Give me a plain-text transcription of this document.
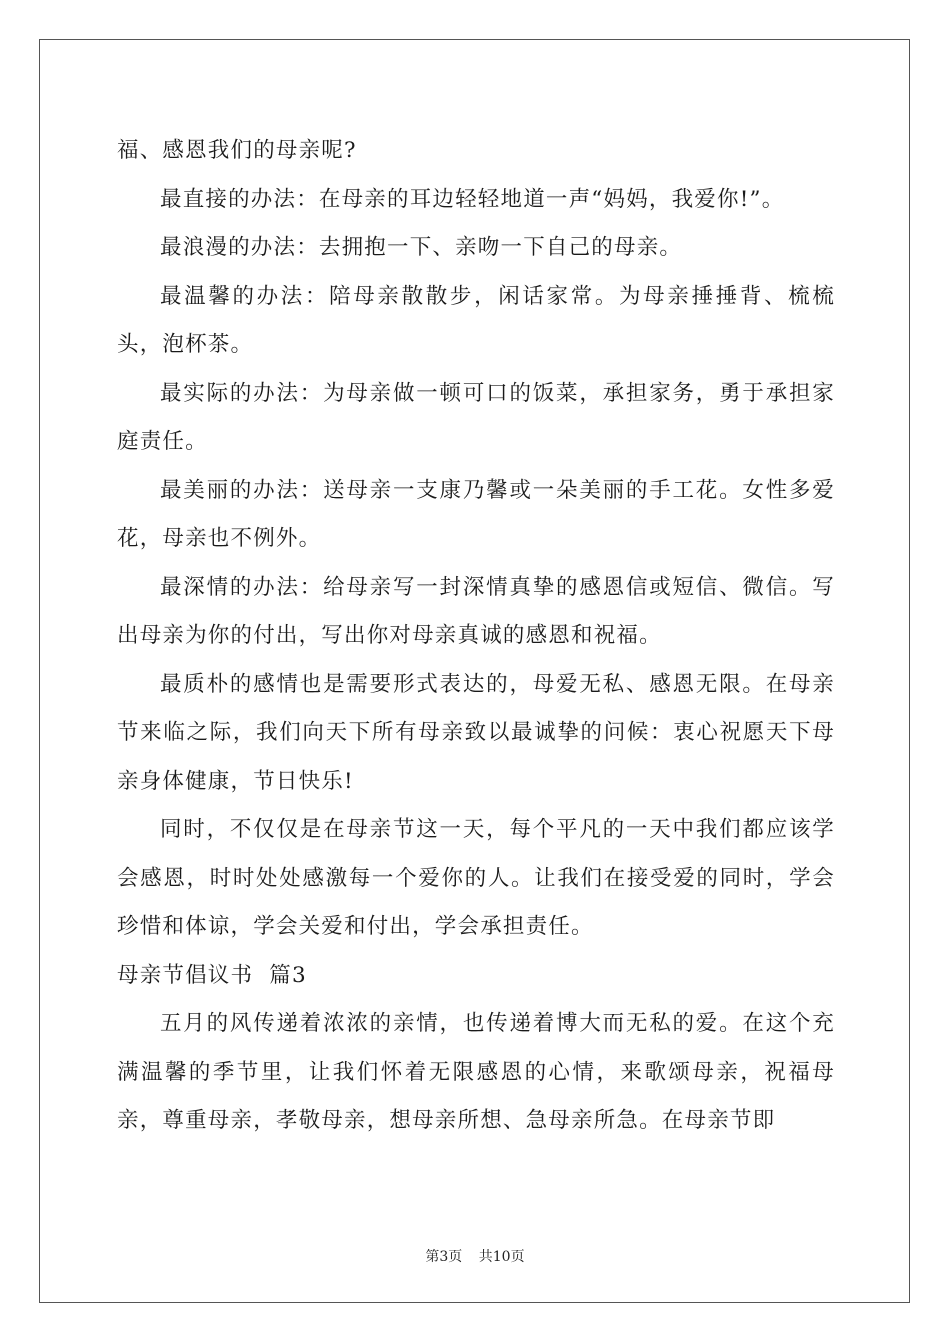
福、感恩我们的母亲呢?

最直接的办法：在母亲的耳边轻轻地道一声“妈妈，我爱你!”。

最浪漫的办法：去拥抱一下、亲吻一下自己的母亲。

最温馨的办法：陪母亲散散步，闲话家常。为母亲捶捶背、梳梳头，泡杯茶。

最实际的办法：为母亲做一顿可口的饭菜，承担家务，勇于承担家庭责任。

最美丽的办法：送母亲一支康乃馨或一朵美丽的手工花。女性多爱花，母亲也不例外。

最深情的办法：给母亲写一封深情真挚的感恩信或短信、微信。写出母亲为你的付出，写出你对母亲真诚的感恩和祝福。

最质朴的感情也是需要形式表达的，母爱无私、感恩无限。在母亲节来临之际，我们向天下所有母亲致以最诚挚的问候：衷心祝愿天下母亲身体健康，节日快乐!

同时，不仅仅是在母亲节这一天，每个平凡的一天中我们都应该学会感恩，时时处处感激每一个爱你的人。让我们在接受爱的同时，学会珍惜和体谅，学会关爱和付出，学会承担责任。

母亲节倡议书  篇3

五月的风传递着浓浓的亲情，也传递着博大而无私的爱。在这个充满温馨的季节里，让我们怀着无限感恩的心情，来歌颂母亲，祝福母亲，尊重母亲，孝敬母亲，想母亲所想、急母亲所急。在母亲节即

第3页 共10页
